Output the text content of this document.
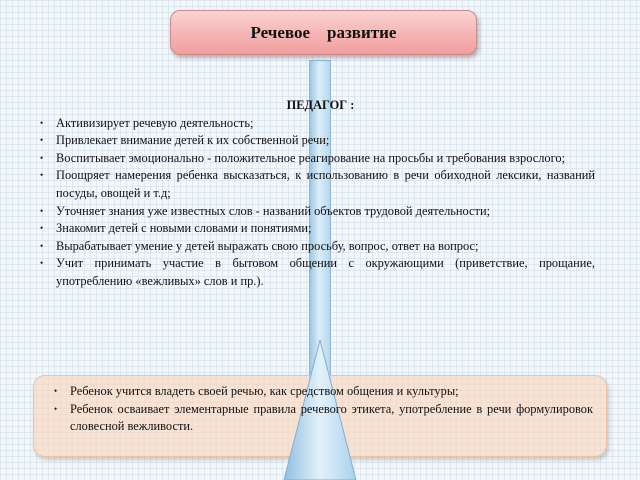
Речевое    развитие
ПЕДАГОГ :
• Активизирует речевую деятельность;
• Привлекает внимание детей к их собственной речи;
• Воспитывает эмоционально - положительное реагирование на просьбы и требования взрослого;
• Поощряет намерения ребенка высказаться, к использованию в речи обиходной лексики, названий посуды, овощей и т.д;
• Уточняет знания уже известных слов - названий объектов трудовой деятельности;
• Знакомит детей с новыми словами и понятиями;
• Вырабатывает умение у детей выражать свою просьбу, вопрос, ответ на вопрос;
• Учит принимать участие в бытовом общении с окружающими (приветствие, прощание, употреблению «вежливых» слов и пр.).
• Ребенок учится владеть своей речью, как средством общения и культуры;
• Ребенок осваивает элементарные правила речевого этикета, употребление в речи формулировок словесной вежливости.
